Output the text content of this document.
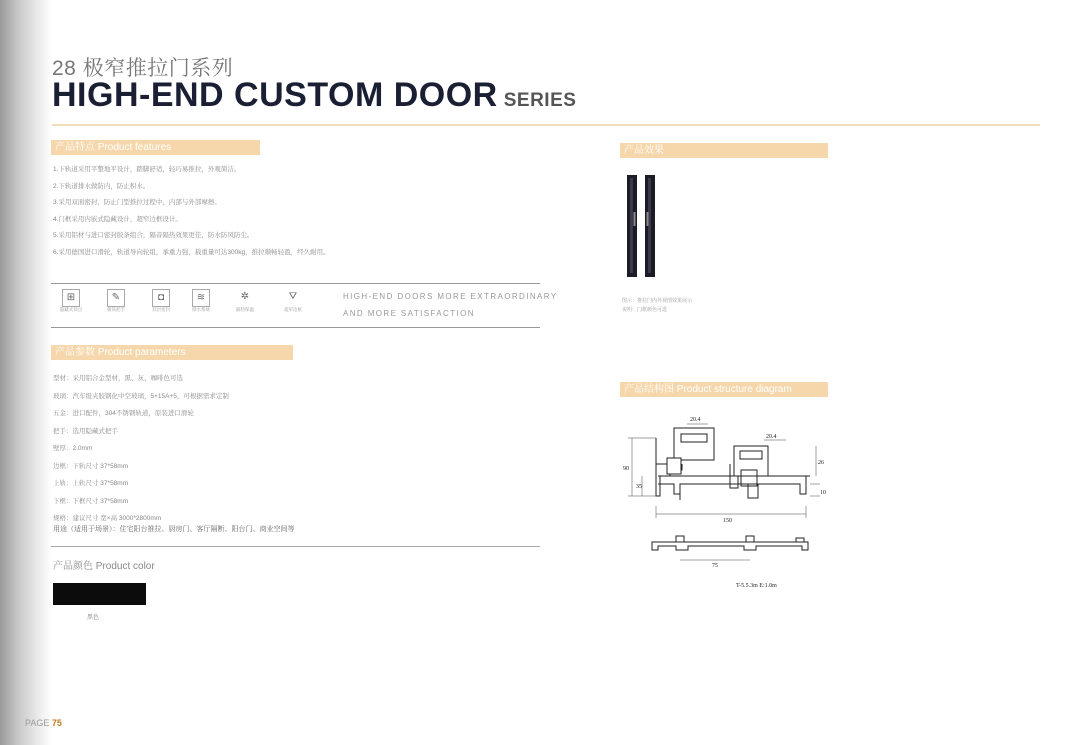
28 极窄推拉门系列
HIGH-END CUSTOM DOOR SERIES
产品特点 Product features
1.下轨道采用平整地平设计，踏脚舒适，轻巧易推拉，外观简洁。
2.下轨道排水做防内，防止积水。
3.采用双面密封，防止门型推拉过程中，内部与外部摩擦。
4.门框采用内嵌式隐藏设计，超窄边框设计。
5.采用铝材与进口密封胶条组合，隔音隔热效果更佳，防水防风防尘。
6.采用德国进口滑轮，轨道导向轮组，承重力强，载重量可达300kg，推拉顺畅轻盈，经久耐用。
⊞
隐藏式锁点
✎
极简把手
◘
双层密封
≋
排水系统
✲
隔热保温
⛛
超窄边框
HIGH-END DOORS MORE EXTRAORDINARY
AND MORE SATISFACTION
产品参数 Product parameters
型材：采用铝合金型材，黑、灰、咖啡色可选
玻璃：汽车级夹胶钢化中空玻璃，5+15A+5，可根据需求定制
五金：进口配件，304不锈钢轨道，原装进口滑轮
把手：选用隐藏式把手
壁厚：2.0mm
边框：下轨尺寸 37*58mm
上轨：上轨尺寸 37*58mm
下框：下框尺寸 37*58mm
规格：建议尺寸 宽×高 3000*2800mm
用途（适用于场景）：住宅阳台推拉、厨房门、客厅隔断、阳台门、商业空间等
产品颜色 Product color
黑色
产品效果
图示：推拉门内外视图效果展示
说明：门框颜色可选
产品结构图 Product structure diagram
20.4
20.4
90
35
26
10
150
75
T-5.5.3m E:1.0m
PAGE 75
